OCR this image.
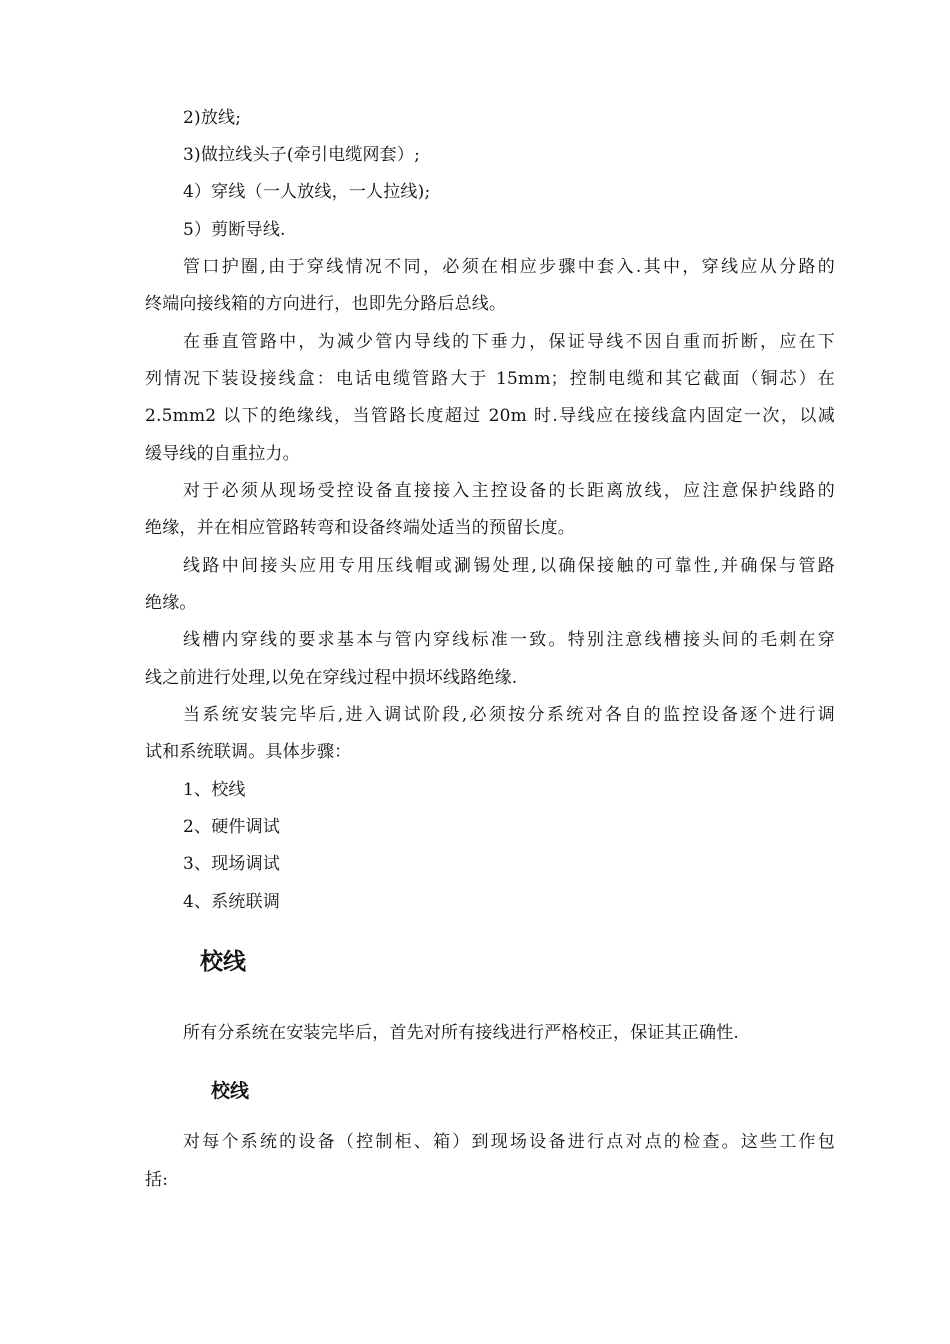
2)放线;
3)做拉线头子(牵引电缆网套）;
4）穿线（一人放线，一人拉线);
5）剪断导线.
管口护圈,由于穿线情况不同，必须在相应步骤中套入.其中，穿线应从分路的
终端向接线箱的方向进行，也即先分路后总线。
在垂直管路中，为减少管内导线的下垂力，保证导线不因自重而折断，应在下
列情况下装设接线盒：电话电缆管路大于 15mm；控制电缆和其它截面（铜芯）在
2.5mm2 以下的绝缘线，当管路长度超过 20m 时.导线应在接线盒内固定一次，以减
缓导线的自重拉力。
对于必须从现场受控设备直接接入主控设备的长距离放线，应注意保护线路的
绝缘，并在相应管路转弯和设备终端处适当的预留长度。
线路中间接头应用专用压线帽或涮锡处理,以确保接触的可靠性,并确保与管路
绝缘。
线槽内穿线的要求基本与管内穿线标准一致。特别注意线槽接头间的毛刺在穿
线之前进行处理,以免在穿线过程中损坏线路绝缘.
当系统安装完毕后,进入调试阶段,必须按分系统对各自的监控设备逐个进行调
试和系统联调。具体步骤：
1、校线
2、硬件调试
3、现场调试
4、系统联调
校线
所有分系统在安装完毕后，首先对所有接线进行严格校正，保证其正确性.
校线
对每个系统的设备（控制柜、箱）到现场设备进行点对点的检查。这些工作包
括:
